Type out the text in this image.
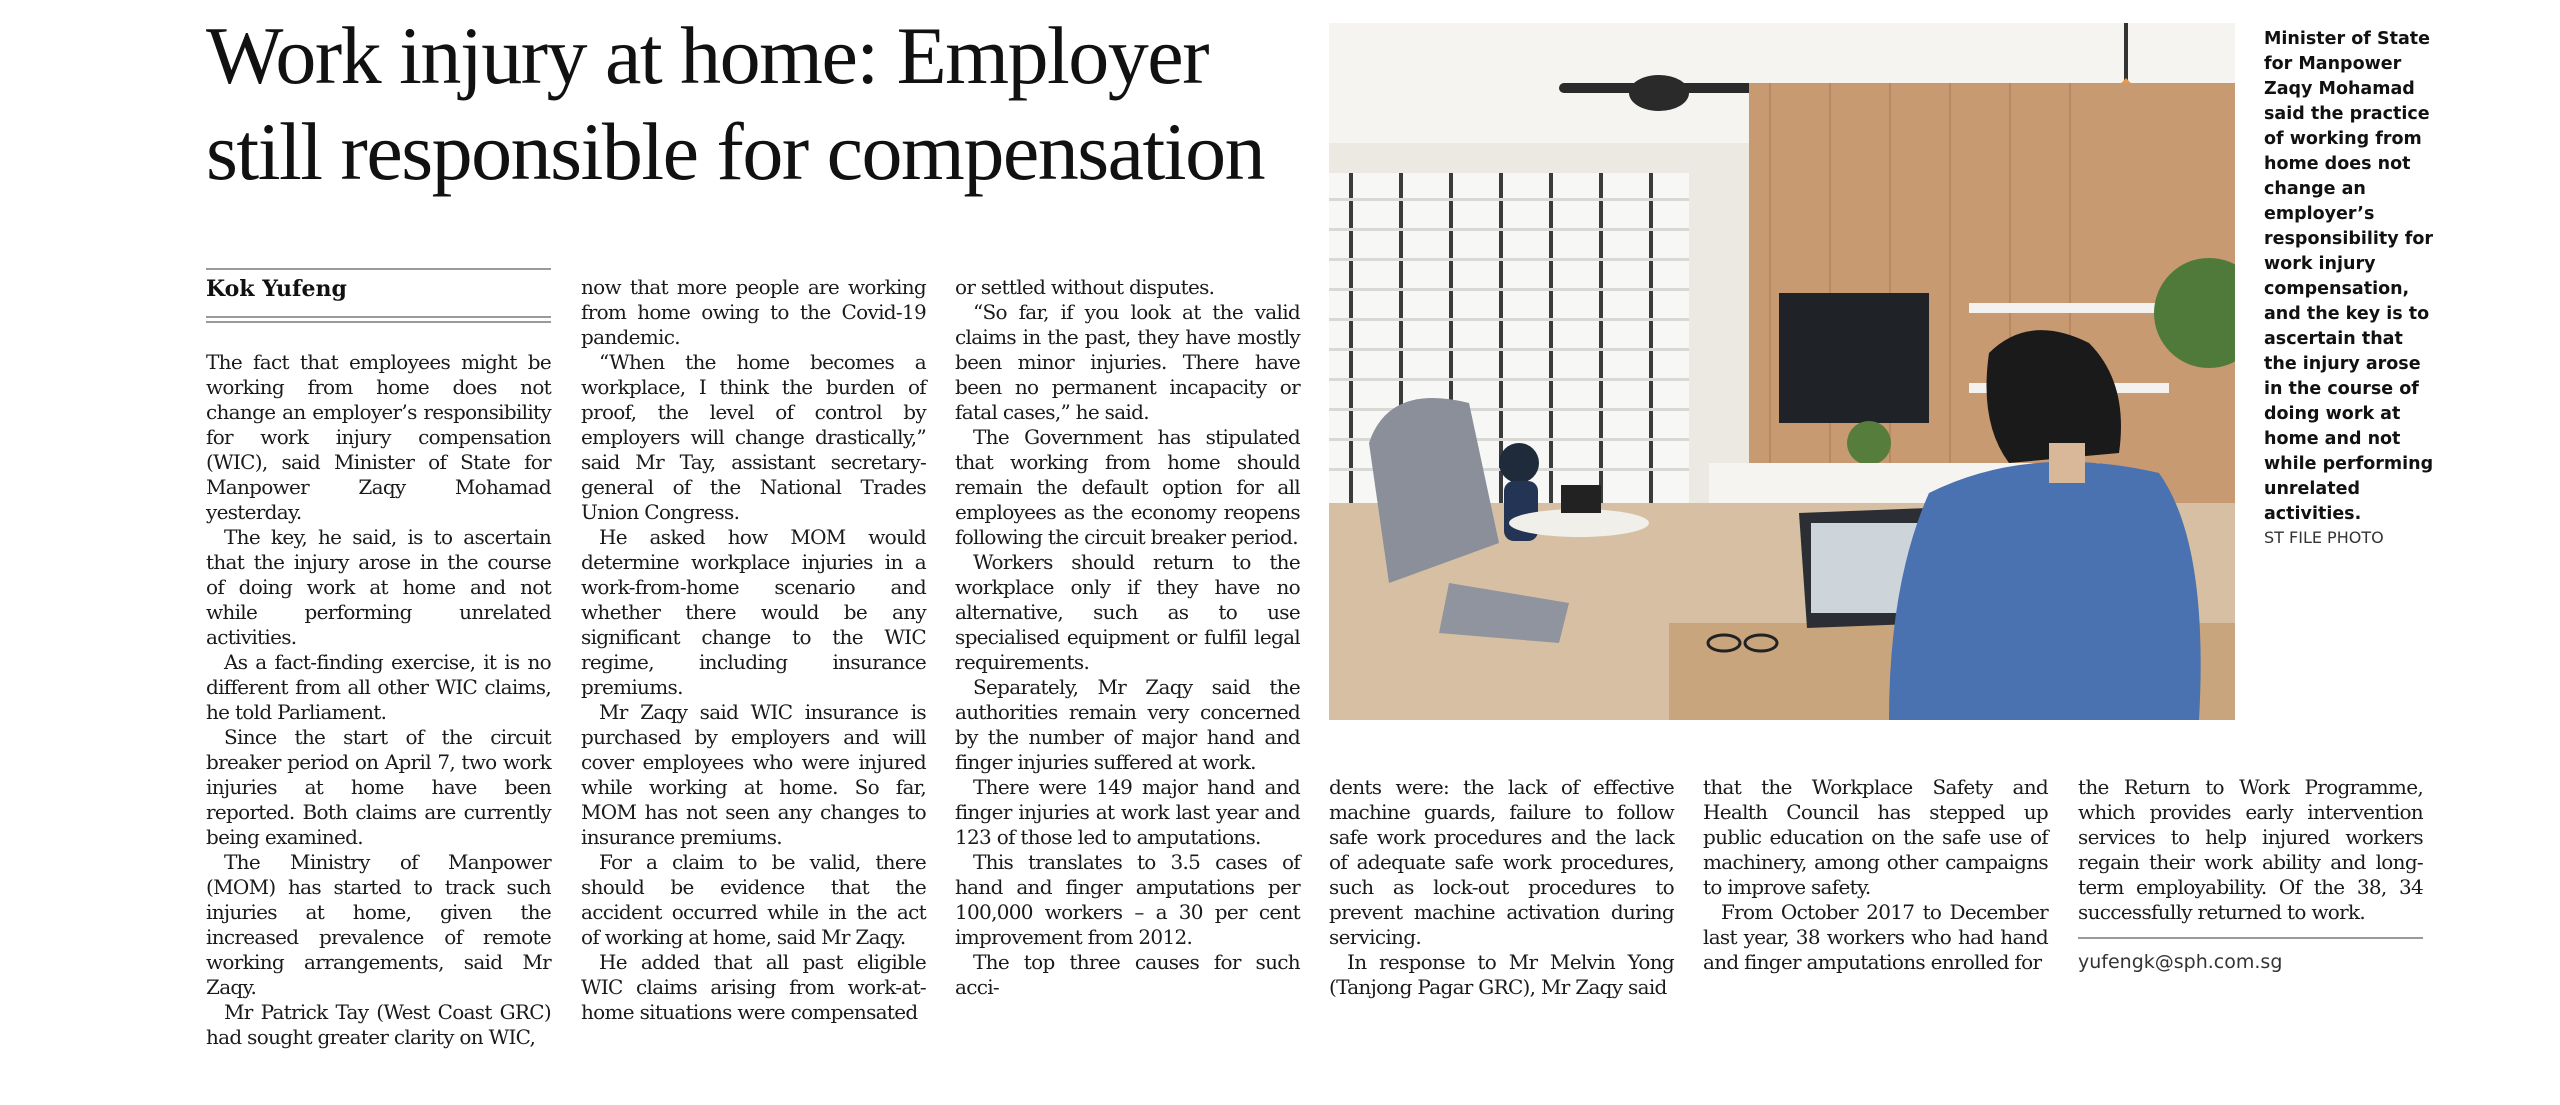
Work injury at home: Employer still responsible for compensation

Kok Yufeng

The fact that employees might be working from home does not change an employer’s responsibility for work injury compensation (WIC), said Minister of State for Manpower Zaqy Mohamad yesterday.

The key, he said, is to ascertain that the injury arose in the course of doing work at home and not while performing unrelated activities.

As a fact-finding exercise, it is no different from all other WIC claims, he told Parliament.

Since the start of the circuit breaker period on April 7, two work injuries at home have been reported. Both claims are currently being examined.

The Ministry of Manpower (MOM) has started to track such injuries at home, given the increased prevalence of remote working arrangements, said Mr Zaqy.

Mr Patrick Tay (West Coast GRC) had sought greater clarity on WIC,

now that more people are working from home owing to the Covid-19 pandemic.

“When the home becomes a workplace, I think the burden of proof, the level of control by employers will change drastically,” said Mr Tay, assistant secretary-general of the National Trades Union Congress.

He asked how MOM would determine workplace injuries in a work-from-home scenario and whether there would be any significant change to the WIC regime, including insurance premiums.

Mr Zaqy said WIC insurance is purchased by employers and will cover employees who were injured while working at home. So far, MOM has not seen any changes to insurance premiums.

For a claim to be valid, there should be evidence that the accident occurred while in the act of working at home, said Mr Zaqy.

He added that all past eligible WIC claims arising from work-at-home situations were compensated

or settled without disputes.

“So far, if you look at the valid claims in the past, they have mostly been minor injuries. There have been no permanent incapacity or fatal cases,” he said.

The Government has stipulated that working from home should remain the default option for all employees as the economy reopens following the circuit breaker period.

Workers should return to the workplace only if they have no alternative, such as to use specialised equipment or fulfil legal requirements.

Separately, Mr Zaqy said the authorities remain very concerned by the number of major hand and finger injuries suffered at work.

There were 149 major hand and finger injuries at work last year and 123 of those led to amputations.

This translates to 3.5 cases of hand and finger amputations per 100,000 workers – a 30 per cent improvement from 2012.

The top three causes for such acci-

dents were: the lack of effective machine guards, failure to follow safe work procedures and the lack of adequate safe work procedures, such as lock-out procedures to prevent machine activation during servicing.

In response to Mr Melvin Yong (Tanjong Pagar GRC), Mr Zaqy said

that the Workplace Safety and Health Council has stepped up public education on the safe use of machinery, among other campaigns to improve safety.

From October 2017 to December last year, 38 workers who had hand and finger amputations enrolled for

the Return to Work Programme, which provides early intervention services to help injured workers regain their work ability and long-term employability. Of the 38, 34 successfully returned to work.

Minister of State for Manpower Zaqy Mohamad said the practice of working from home does not change an employer’s responsibility for work injury compensation, and the key is to ascertain that the injury arose in the course of doing work at home and not while performing unrelated activities.
ST FILE PHOTO
yufengk@sph.com.sg
